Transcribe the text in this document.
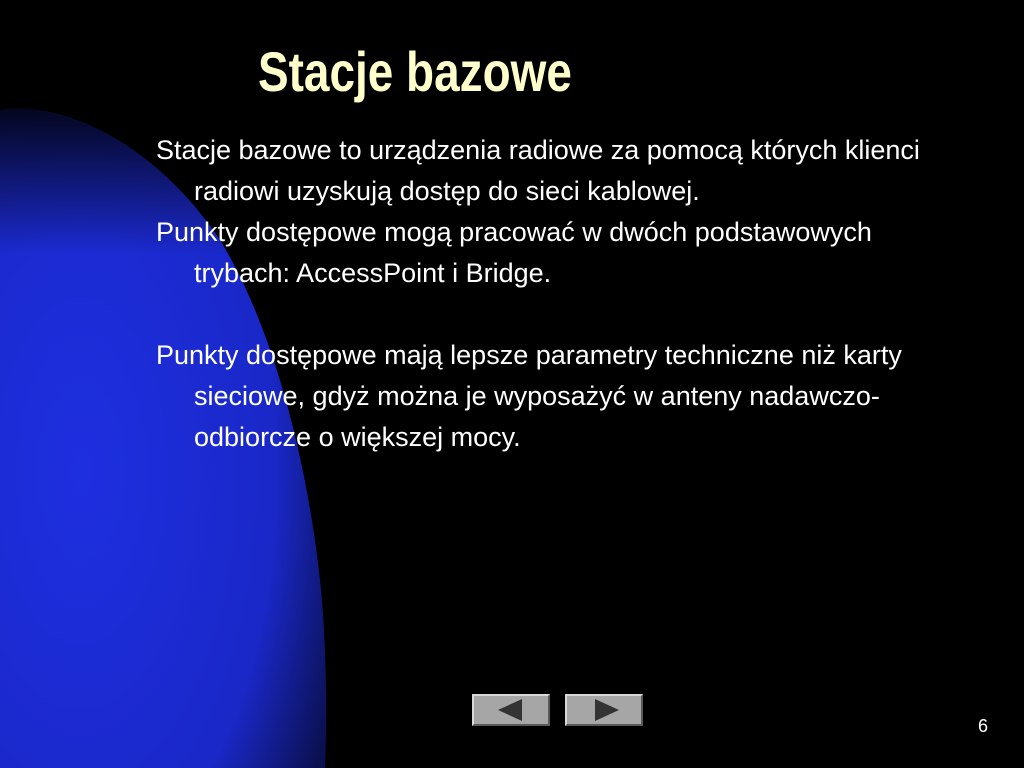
Stacje bazowe

Stacje bazowe to urządzenia radiowe za pomocą których klienci radiowi uzyskują dostęp do sieci kablowej.

Punkty dostępowe mogą pracować w dwóch podstawowych trybach: AccessPoint i Bridge.

Punkty dostępowe mają lepsze parametry techniczne niż karty sieciowe, gdyż można je wyposażyć w anteny nadawczo-odbiorcze o większej mocy.

6
